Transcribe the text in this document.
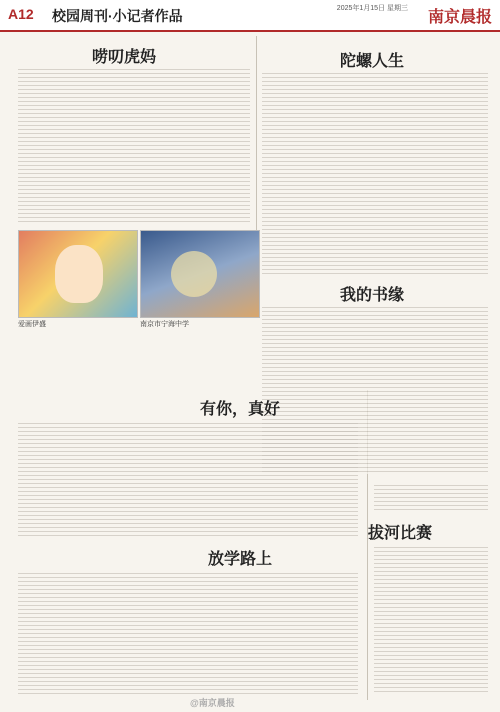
A12 校园周刊·小记者作品	2025年1月15日 星期三 南京晨报
唠叨虎妈	陀螺人生
我的书缘
爱画伊盛	南京市宁海中学
有你，真好
放学路上
拔河比赛
@南京晨报
